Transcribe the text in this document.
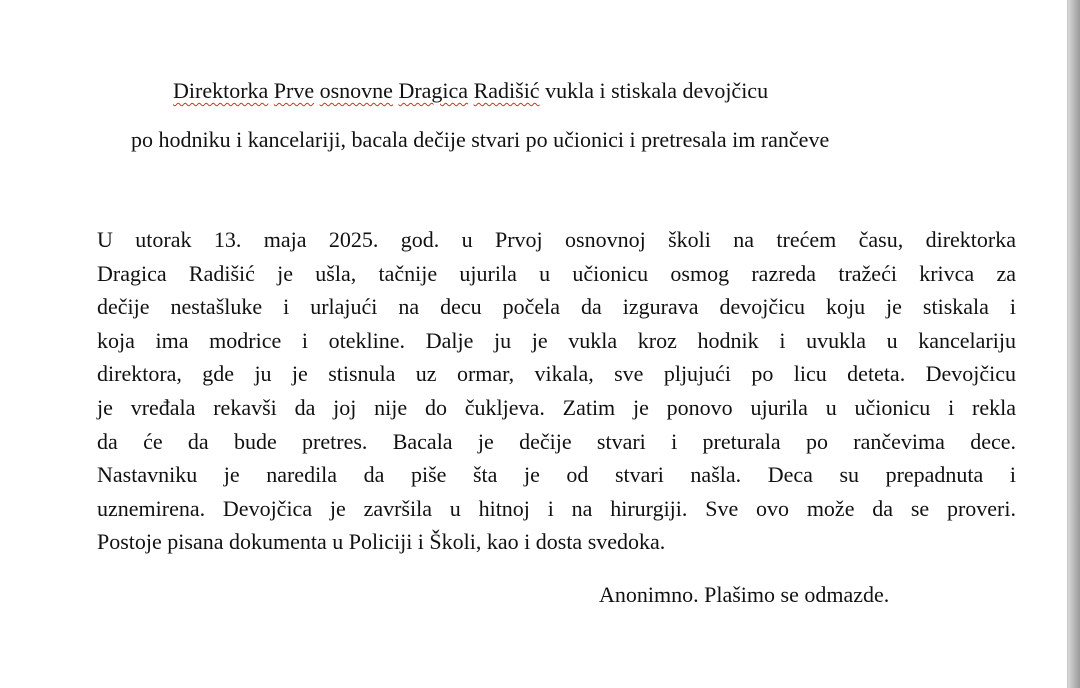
Direktorka Prve osnovne Dragica Radišić vukla i stiskala devojčicu
po hodniku i kancelariji, bacala dečije stvari po učionici i pretresala im rančeve
U utorak 13. maja 2025. god. u Prvoj osnovnoj školi na trećem času, direktorka
Dragica Radišić je ušla, tačnije ujurila u učionicu osmog razreda tražeći krivca za
dečije nestašluke i urlajući na decu počela da izgurava devojčicu koju je stiskala i
koja ima modrice i otekline. Dalje ju je vukla kroz hodnik i uvukla u kancelariju
direktora, gde ju je stisnula uz ormar, vikala, sve pljujući po licu deteta. Devojčicu
je vređala rekavši da joj nije do čukljeva. Zatim je ponovo ujurila u učionicu i rekla
da će da bude pretres. Bacala je dečije stvari i preturala po rančevima dece.
Nastavniku je naredila da piše šta je od stvari našla. Deca su prepadnuta i
uznemirena. Devojčica je završila u hitnoj i na hirurgiji. Sve ovo može da se proveri.
Postoje pisana dokumenta u Policiji i Školi, kao i dosta svedoka.
Anonimno. Plašimo se odmazde.
